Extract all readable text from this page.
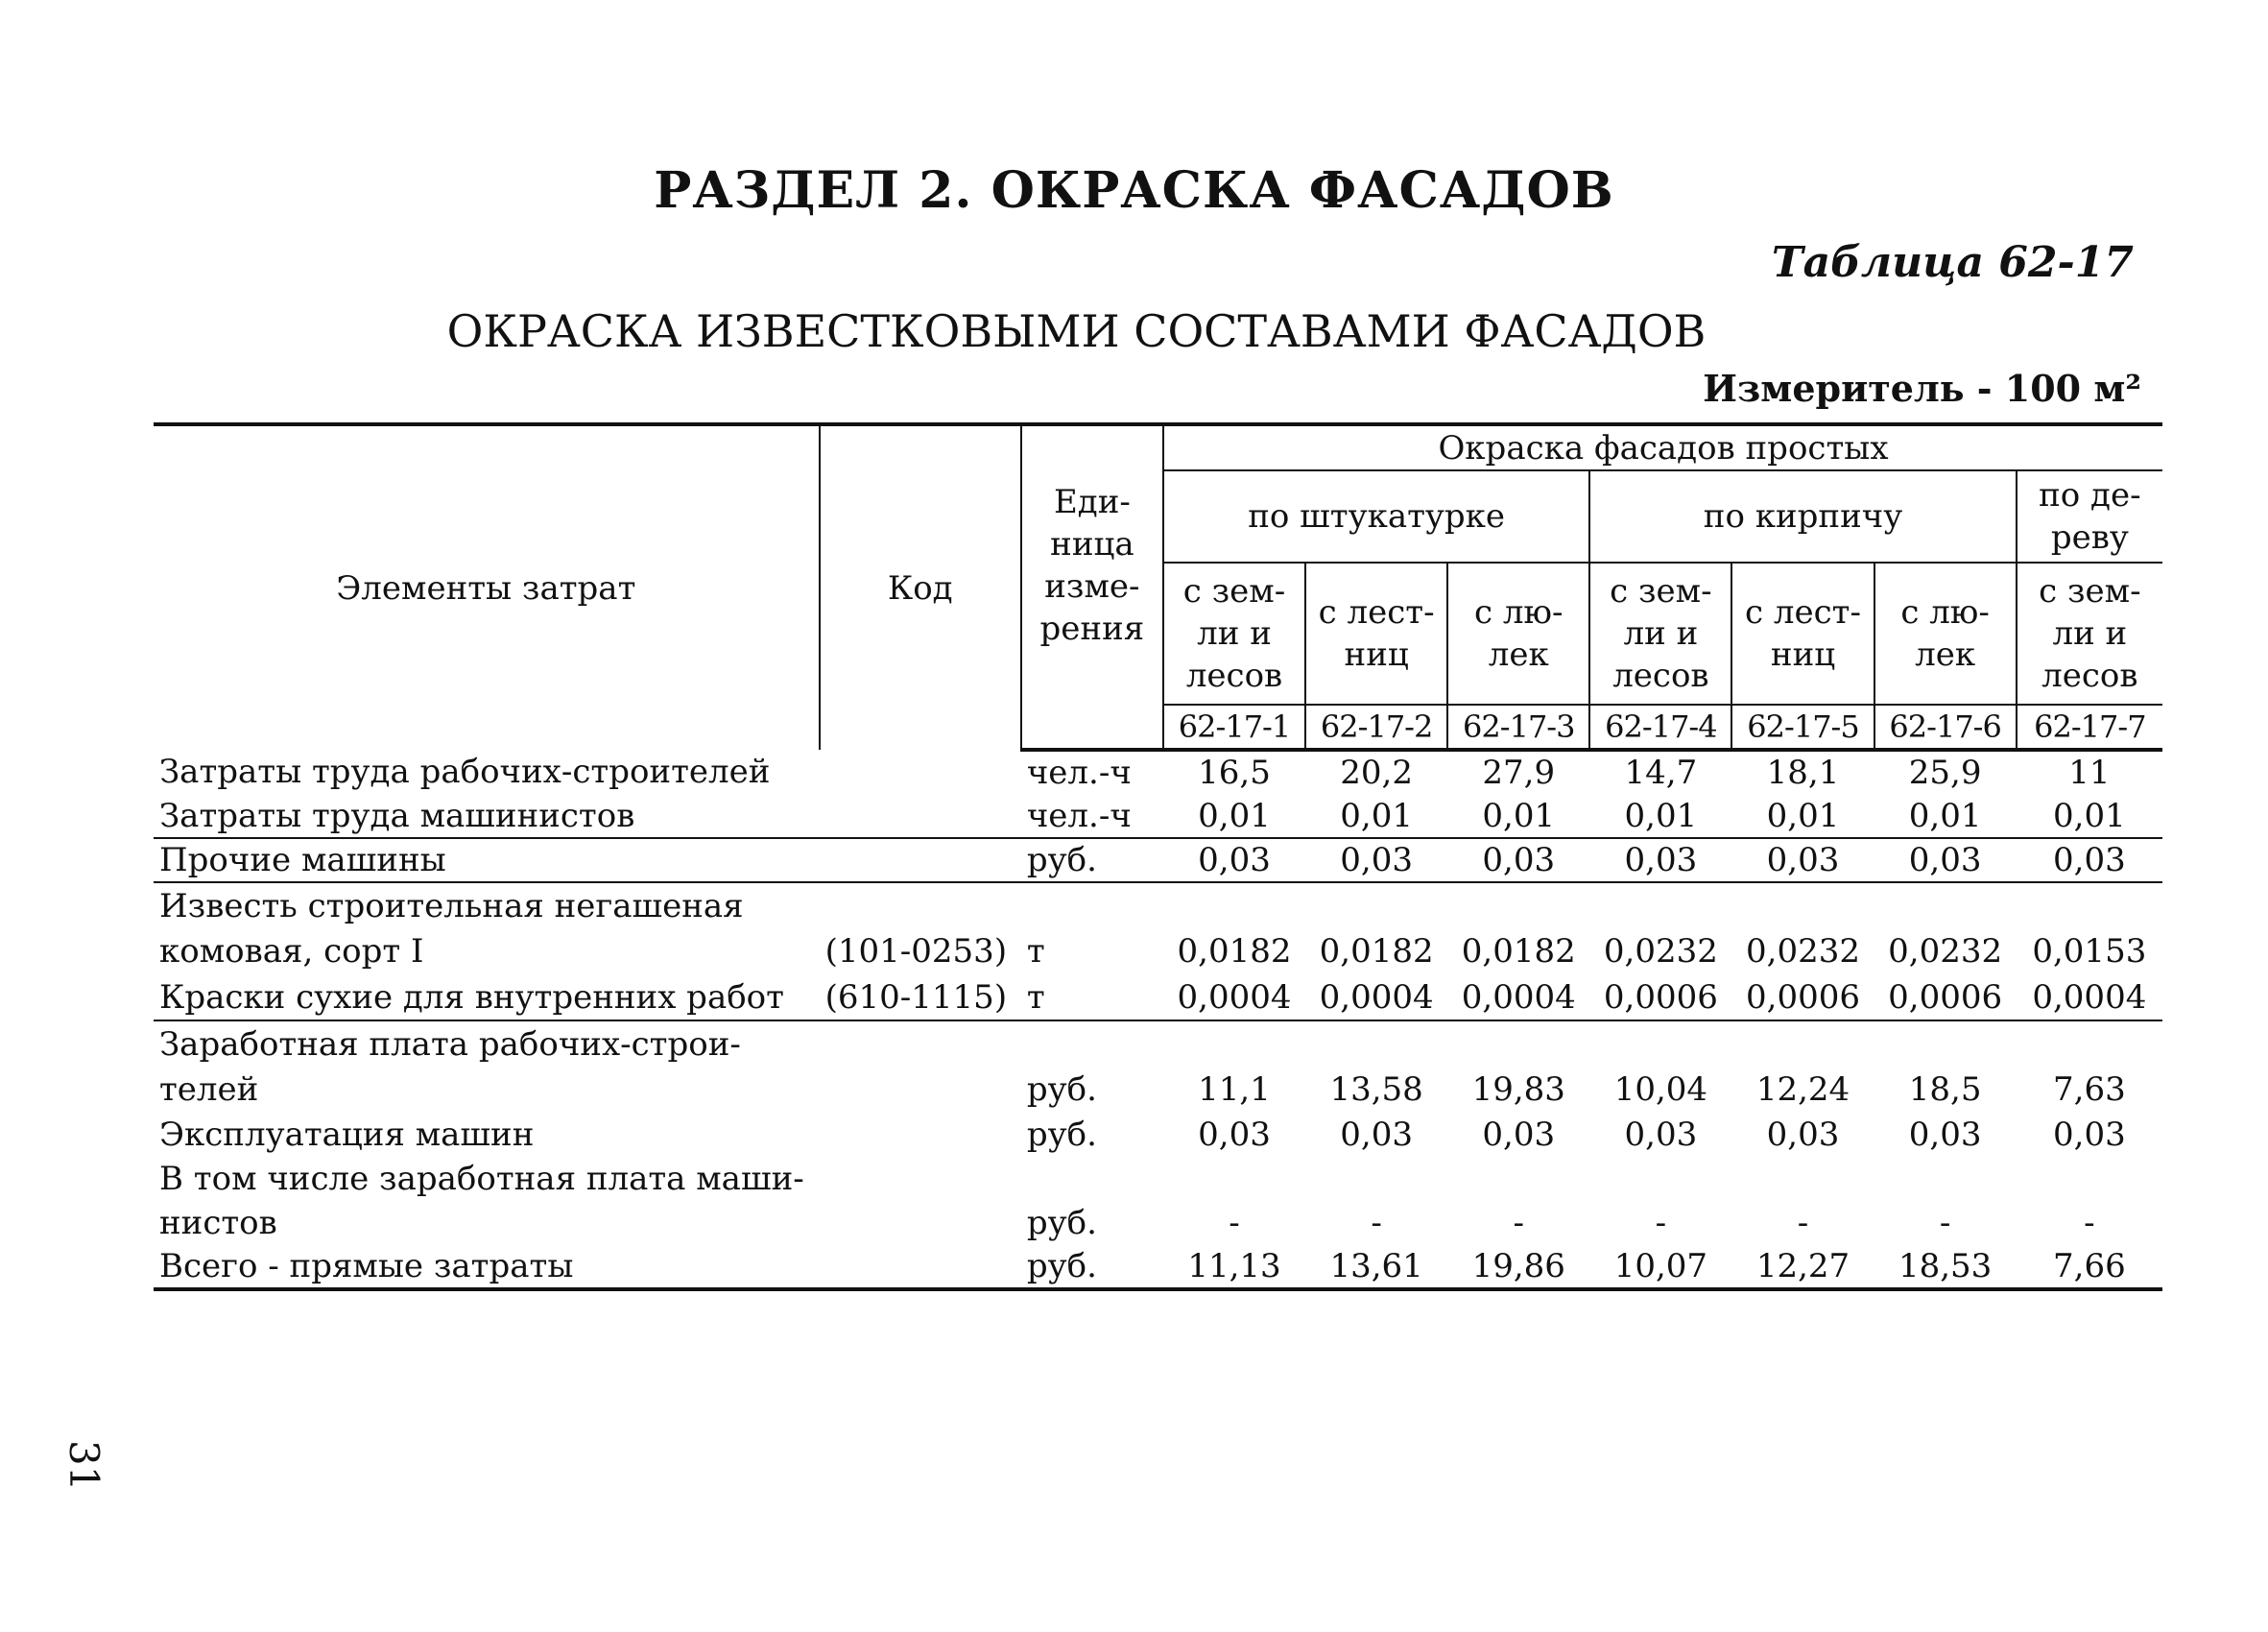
РАЗДЕЛ 2. ОКРАСКА ФАСАДОВ
Таблица 62-17
ОКРАСКА ИЗВЕСТКОВЫМИ СОСТАВАМИ ФАСАДОВ
Измеритель - 100 м²
Элементы затрат	Код	Еди- ница изме- рения	Окраска фасадов простых						
			по штукатурке			по кирпичу			по де- реву
			с зем- ли и лесов	с лест- ниц	с лю- лек	с зем- ли и лесов	с лест- ниц	с лю- лек	с зем- ли и лесов
			62-17-1	62-17-2	62-17-3	62-17-4	62-17-5	62-17-6	62-17-7
Затраты труда рабочих-строителей		чел.-ч	16,5	20,2	27,9	14,7	18,1	25,9	11
Затраты труда машинистов		чел.-ч	0,01	0,01	0,01	0,01	0,01	0,01	0,01
Прочие машины		руб.	0,03	0,03	0,03	0,03	0,03	0,03	0,03
Известь строительная негашеная									
комовая, сорт I	(101-0253)	т	0,0182	0,0182	0,0182	0,0232	0,0232	0,0232	0,0153
Краски сухие для внутренних работ	(610-1115)	т	0,0004	0,0004	0,0004	0,0006	0,0006	0,0006	0,0004
Заработная плата рабочих-строи-									
телей		руб.	11,1	13,58	19,83	10,04	12,24	18,5	7,63
Эксплуатация машин		руб.	0,03	0,03	0,03	0,03	0,03	0,03	0,03
В том числе заработная плата маши-									
нистов		руб.	-	-	-	-	-	-	-
Всего - прямые затраты		руб.	11,13	13,61	19,86	10,07	12,27	18,53	7,66
31
